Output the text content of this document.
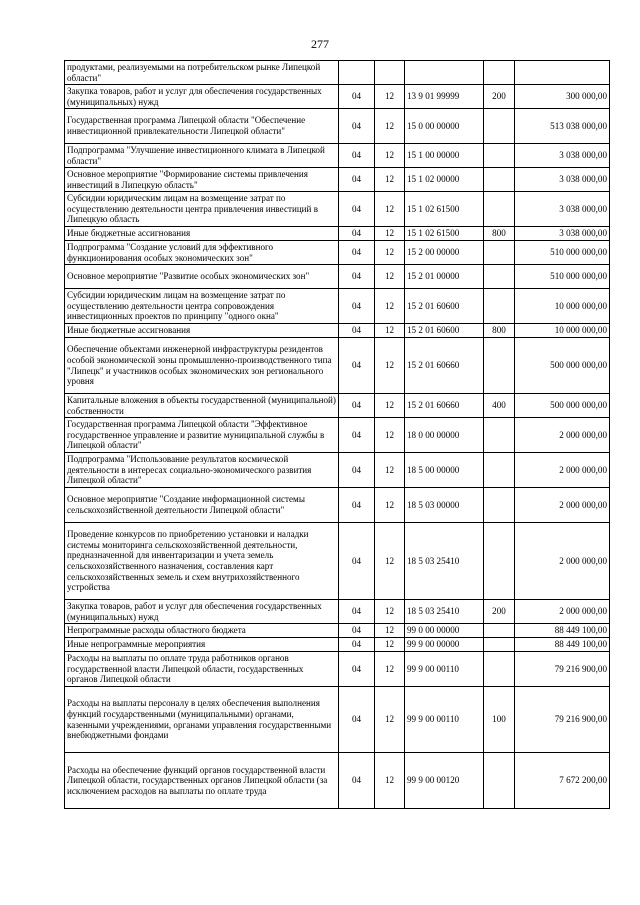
277
продуктами, реализуемыми на потребительском рынке Липецкой области"					
Закупка товаров, работ и услуг для обеспечения государственных (муниципальных) нужд	04	12	13 9 01 99999	200	300 000,00
Государственная программа Липецкой области "Обеспечение инвестиционной привлекательности Липецкой области"	04	12	15 0 00 00000		513 038 000,00
Подпрограмма "Улучшение инвестиционного климата в Липецкой области"	04	12	15 1 00 00000		3 038 000,00
Основное мероприятие "Формирование системы привлечения инвестиций в Липецкую область"	04	12	15 1 02 00000		3 038 000,00
Субсидии юридическим лицам на возмещение затрат по осуществлению деятельности центра привлечения инвестиций в Липецкую область	04	12	15 1 02 61500		3 038 000,00
Иные бюджетные ассигнования	04	12	15 1 02 61500	800	3 038 000,00
Подпрограмма "Создание условий для эффективного функционирования особых экономических зон"	04	12	15 2 00 00000		510 000 000,00
Основное мероприятие "Развитие особых экономических зон"	04	12	15 2 01 00000		510 000 000,00
Субсидии юридическим лицам на возмещение затрат по осуществлению деятельности центра сопровождения инвестиционных проектов по принципу "одного окна"	04	12	15 2 01 60600		10 000 000,00
Иные бюджетные ассигнования	04	12	15 2 01 60600	800	10 000 000,00
Обеспечение объектами инженерной инфраструктуры резидентов особой экономической зоны промышленно-производственного типа "Липецк" и участников особых экономических зон регионального уровня	04	12	15 2 01 60660		500 000 000,00
Капитальные вложения в объекты государственной (муниципальной) собственности	04	12	15 2 01 60660	400	500 000 000,00
Государственная программа Липецкой области "Эффективное государственное управление и развитие муниципальной службы в Липецкой области"	04	12	18 0 00 00000		2 000 000,00
Подпрограмма "Использование результатов космической деятельности в интересах социально-экономического развития Липецкой области"	04	12	18 5 00 00000		2 000 000,00
Основное мероприятие "Создание информационной системы сельскохозяйственной деятельности Липецкой области"	04	12	18 5 03 00000		2 000 000,00
Проведение конкурсов по приобретению установки и наладки системы мониторинга сельскохозяйственной деятельности, предназначенной для инвентаризации и учета земель сельскохозяйственного назначения, составления карт сельскохозяйственных земель и схем внутрихозяйственного устройства	04	12	18 5 03 25410		2 000 000,00
Закупка товаров, работ и услуг для обеспечения государственных (муниципальных) нужд	04	12	18 5 03 25410	200	2 000 000,00
Непрограммные расходы областного бюджета	04	12	99 0 00 00000		88 449 100,00
Иные непрограммные мероприятия	04	12	99 9 00 00000		88 449 100,00
Расходы на выплаты по оплате труда работников органов государственной власти Липецкой области, государственных органов Липецкой области	04	12	99 9 00 00110		79 216 900,00
Расходы на выплаты персоналу в целях обеспечения выполнения функций государственными (муниципальными) органами, казенными учреждениями, органами управления государственными внебюджетными фондами	04	12	99 9 00 00110	100	79 216 900,00
Расходы на обеспечение функций органов государственной власти Липецкой области, государственных органов Липецкой области (за исключением расходов на выплаты по оплате труда	04	12	99 9 00 00120		7 672 200,00
